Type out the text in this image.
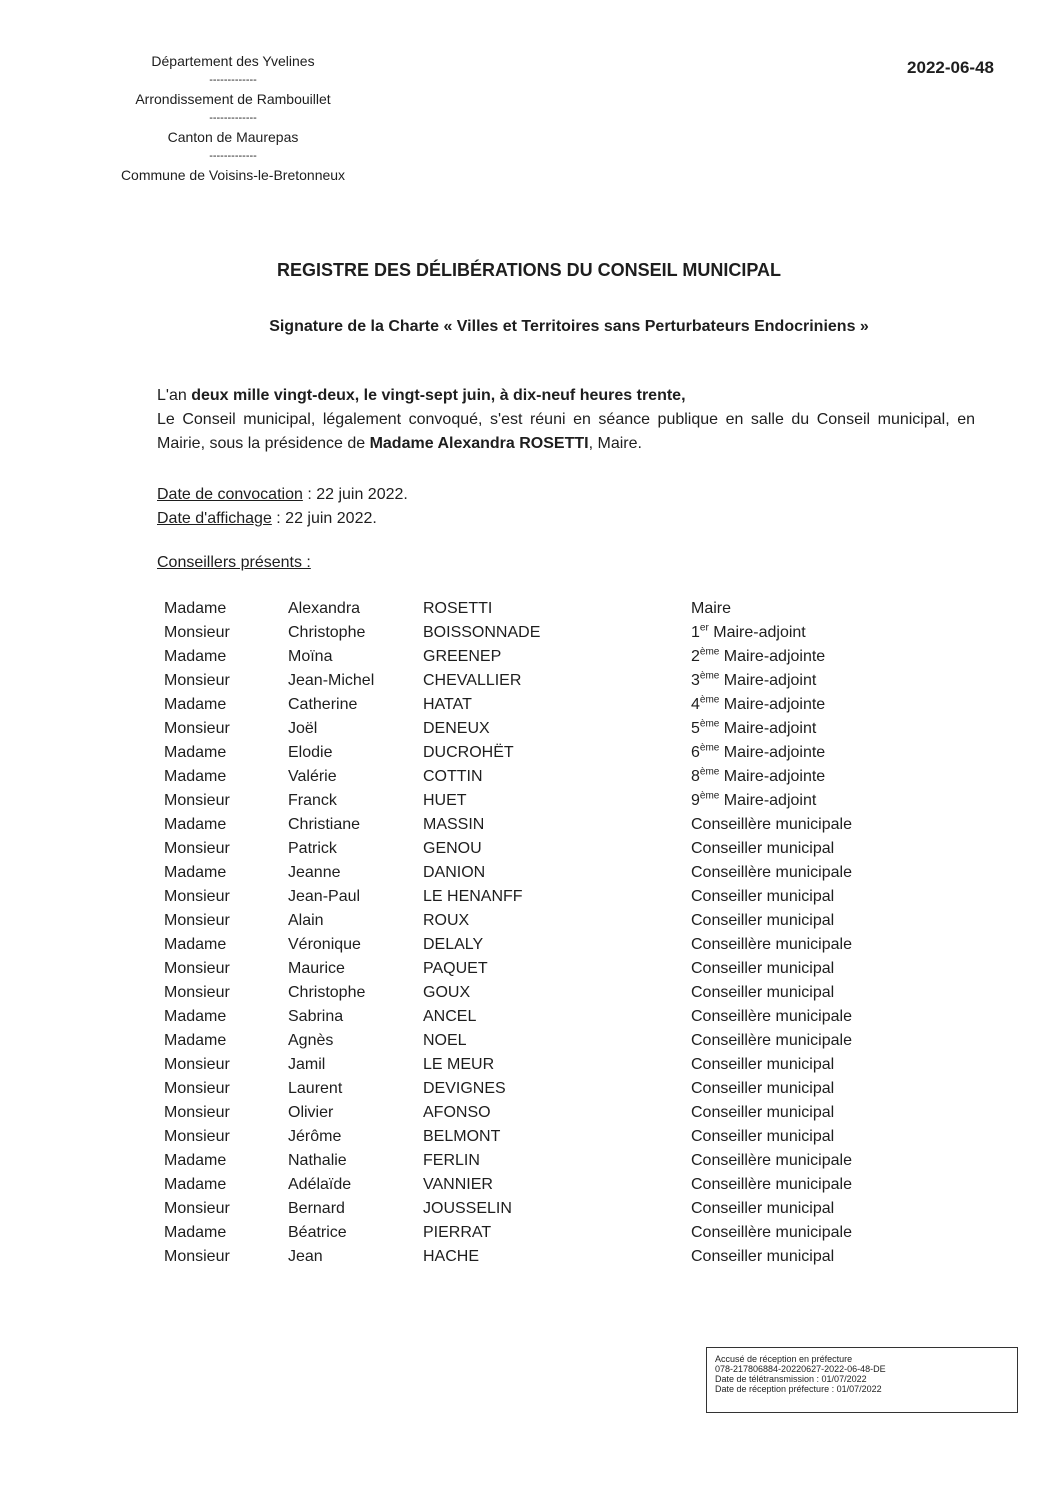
Département des Yvelines
-------------
Arrondissement de Rambouillet
-------------
Canton de Maurepas
-------------
Commune de Voisins-le-Bretonneux
2022-06-48
REGISTRE DES DÉLIBÉRATIONS DU CONSEIL MUNICIPAL
Signature de la Charte « Villes et Territoires sans Perturbateurs Endocriniens »

L'an deux mille vingt-deux, le vingt-sept juin, à dix-neuf heures trente,

Le Conseil municipal, légalement convoqué, s'est réuni en séance publique en salle du Conseil municipal, en Mairie, sous la présidence de Madame Alexandra ROSETTI, Maire.

Date de convocation : 22 juin 2022.
Date d'affichage : 22 juin 2022.
Conseillers présents :
Madame	Alexandra	ROSETTI	Maire
Monsieur	Christophe	BOISSONNADE	1er Maire-adjoint
Madame	Moïna	GREENEP	2ème Maire-adjointe
Monsieur	Jean-Michel	CHEVALLIER	3ème Maire-adjoint
Madame	Catherine	HATAT	4ème Maire-adjointe
Monsieur	Joël	DENEUX	5ème Maire-adjoint
Madame	Elodie	DUCROHËT	6ème Maire-adjointe
Madame	Valérie	COTTIN	8ème Maire-adjointe
Monsieur	Franck	HUET	9ème Maire-adjoint
Madame	Christiane	MASSIN	Conseillère municipale
Monsieur	Patrick	GENOU	Conseiller municipal
Madame	Jeanne	DANION	Conseillère municipale
Monsieur	Jean-Paul	LE HENANFF	Conseiller municipal
Monsieur	Alain	ROUX	Conseiller municipal
Madame	Véronique	DELALY	Conseillère municipale
Monsieur	Maurice	PAQUET	Conseiller municipal
Monsieur	Christophe	GOUX	Conseiller municipal
Madame	Sabrina	ANCEL	Conseillère municipale
Madame	Agnès	NOEL	Conseillère municipale
Monsieur	Jamil	LE MEUR	Conseiller municipal
Monsieur	Laurent	DEVIGNES	Conseiller municipal
Monsieur	Olivier	AFONSO	Conseiller municipal
Monsieur	Jérôme	BELMONT	Conseiller municipal
Madame	Nathalie	FERLIN	Conseillère municipale
Madame	Adélaïde	VANNIER	Conseillère municipale
Monsieur	Bernard	JOUSSELIN	Conseiller municipal
Madame	Béatrice	PIERRAT	Conseillère municipale
Monsieur	Jean	HACHE	Conseiller municipal
Accusé de réception en préfecture
078-217806884-20220627-2022-06-48-DE
Date de télétransmission : 01/07/2022
Date de réception préfecture : 01/07/2022
